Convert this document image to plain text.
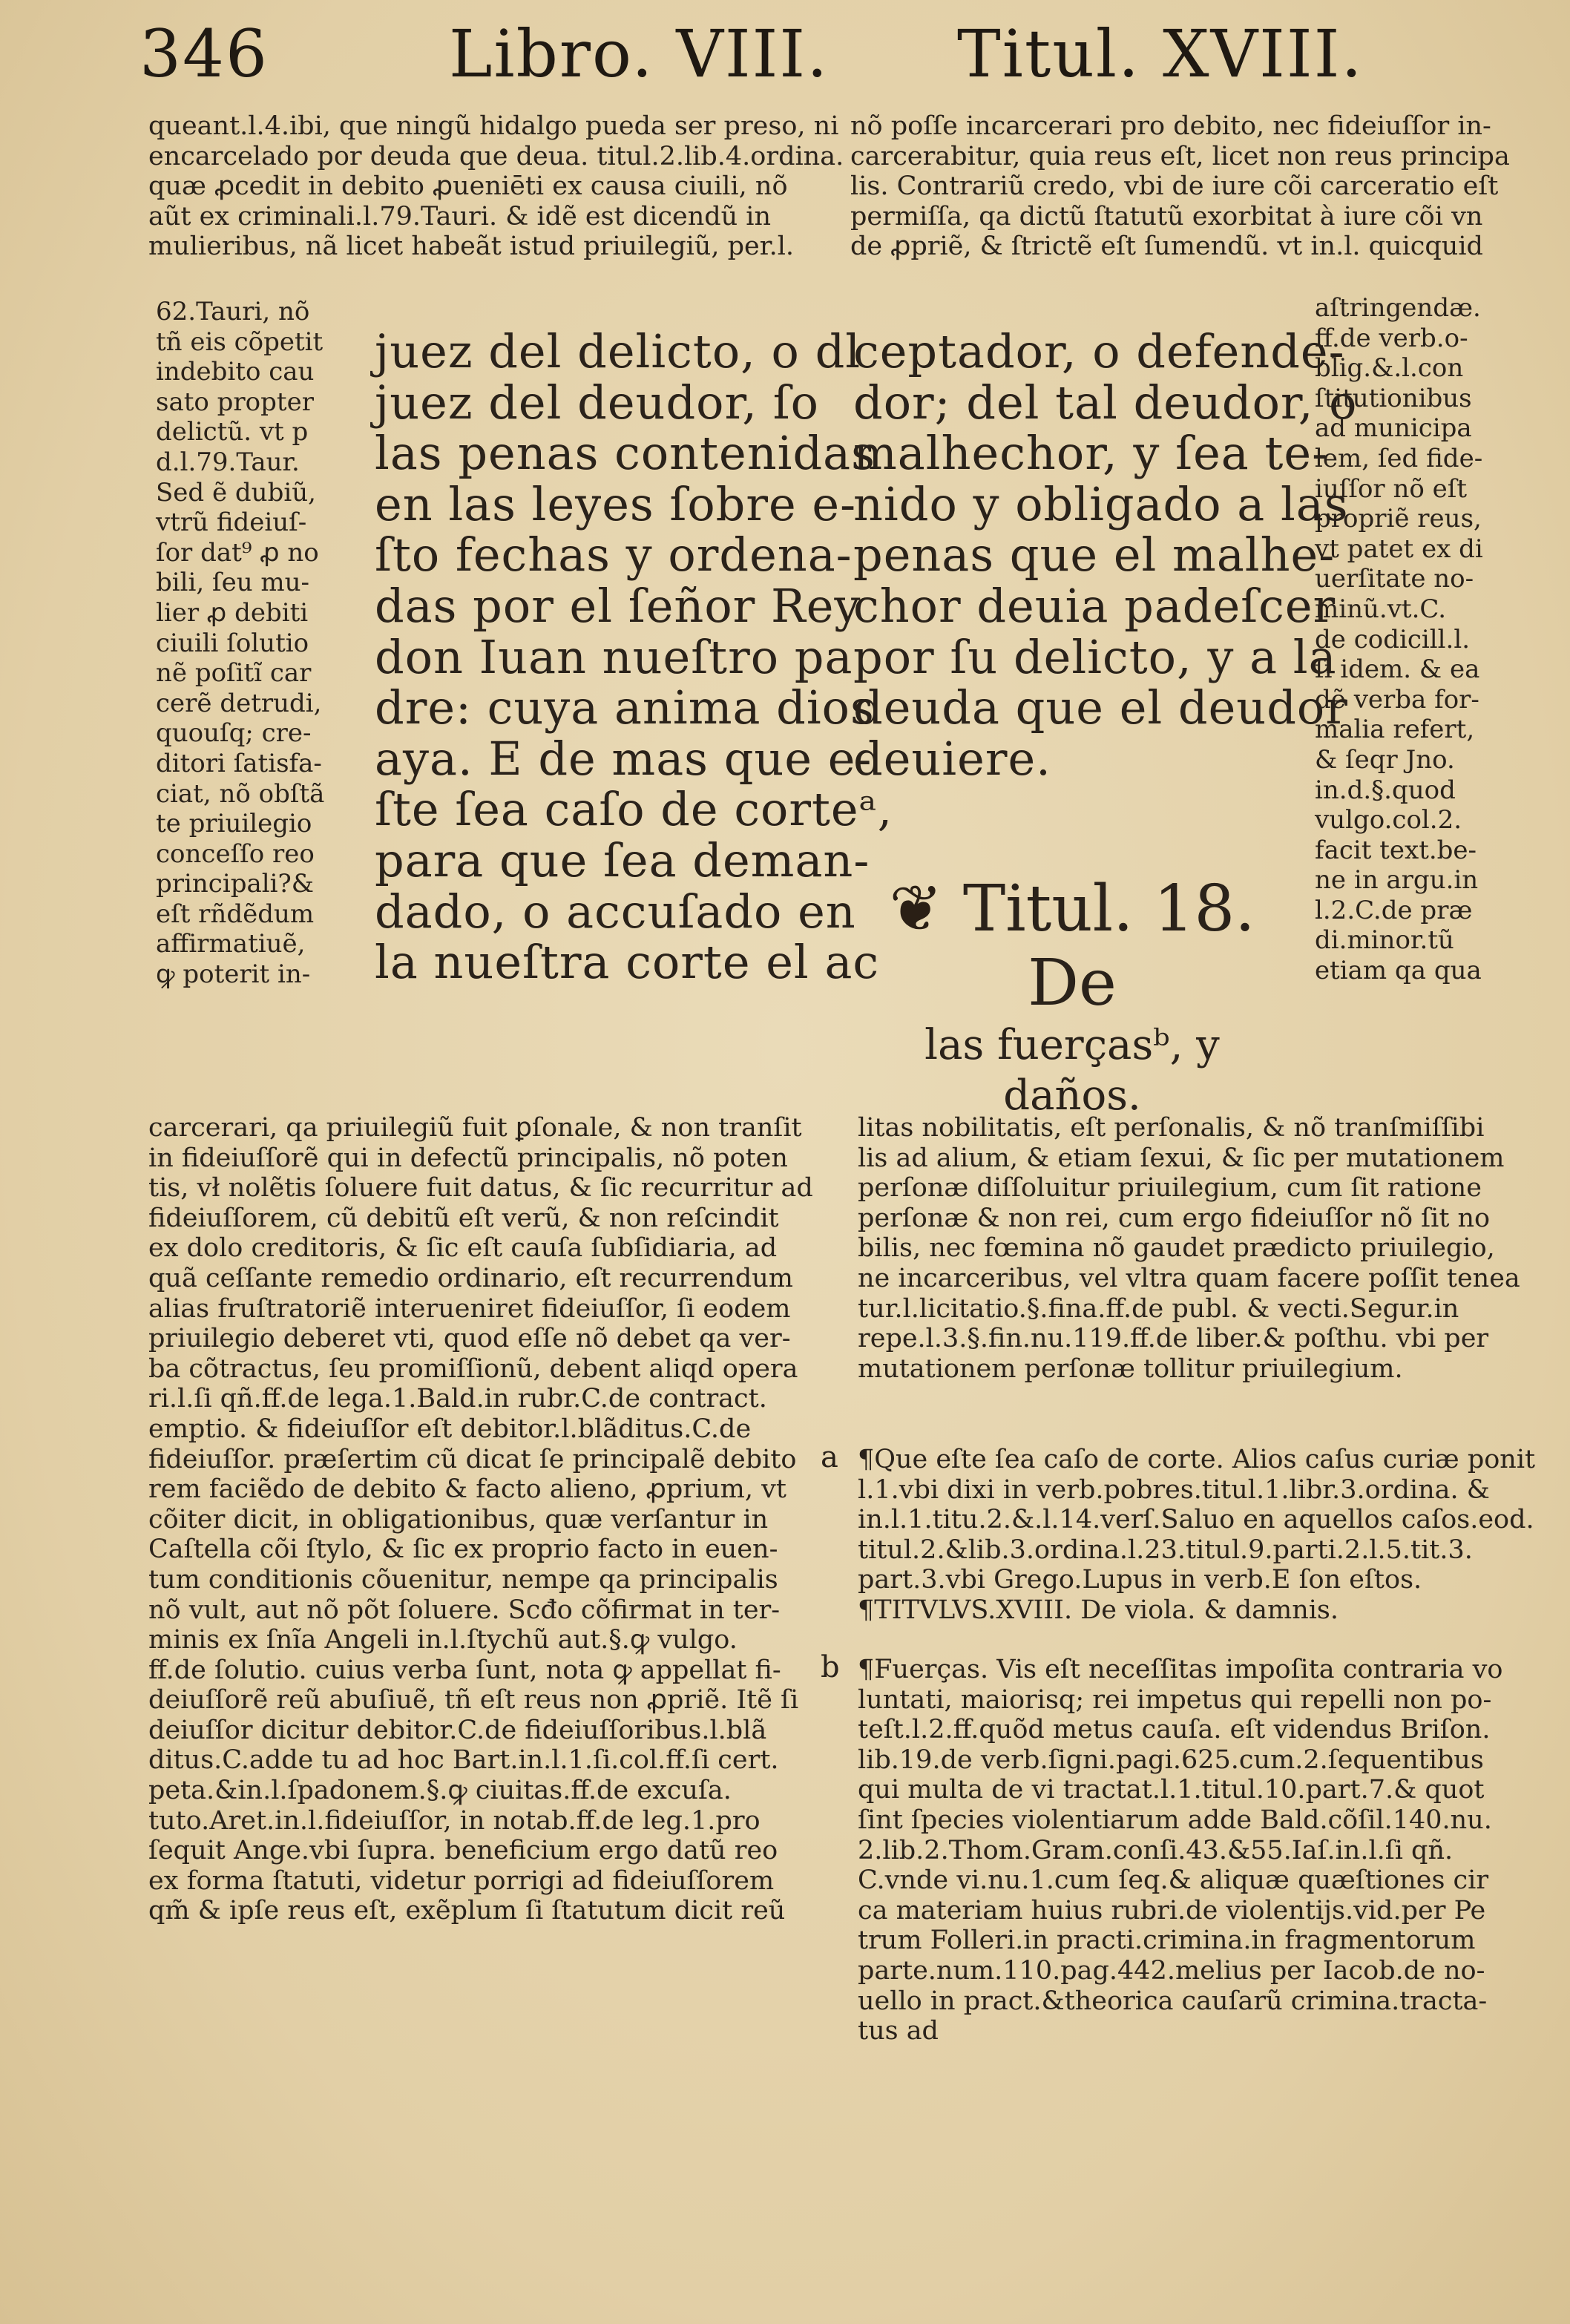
346	Libro. VIII. Titul. XVIII.
queant.l.4.ibi, que ningũ hidalgo pueda ser preso, ni
encarcelado por deuda que deua. titul.2.lib.4.ordina.
quæ ꝓcedit in debito ꝓueniēti ex causa ciuili, nõ
aũt ex criminali.l.79.Tauri. & idẽ est dicendũ in
mulieribus, nã licet habeãt istud priuilegiũ, per.l.
62.Tauri, nõ
tñ eis cõpetit
indebito cau
sato propter
delictũ. vt p
d.l.79.Taur.
Sed ẽ dubiũ,
vtrũ fideiuſ-
ſor dat⁹ ꝓ no
bili, ſeu mu-
lier ꝓ debiti
ciuili ſolutio
nẽ poſitĩ car
cerẽ detrudi,
quouſq; cre-
ditori ſatisfa-
ciat, nõ obſtã
te priuilegio
conceſſo reo
principali?&
eſt rñdẽdum
affirmatiuẽ,
ꝙ poterit in-
juez del delicto, o dl
juez del deudor, ſo
las penas contenidas
en las leyes ſobre e-
ſto fechas y ordena-
das por el ſeñor Rey
don Iuan nueſtro pa
dre: cuya anima dios
aya. E de mas que e-
ſte ſea caſo de corteᵃ,
para que ſea deman-
dado, o accuſado en
la nueſtra corte el ac
carcerari, qa priuilegiũ fuit ꝑſonale, & non tranſit
in fideiuſſorẽ qui in defectũ principalis, nõ poten
tis, vł nolẽtis ſoluere fuit datus, & ſic recurritur ad
fideiuſſorem, cũ debitũ eſt verũ, & non reſcindit
ex dolo creditoris, & ſic eſt cauſa ſubſidiaria, ad
quã ceſſante remedio ordinario, eſt recurrendum
alias fruſtratoriẽ interueniret fideiuſſor, ſi eodem
priuilegio deberet vti, quod eſſe nõ debet qa ver-
ba cõtractus, ſeu promiſſionũ, debent aliqd opera
ri.l.ſi qñ.ff.de lega.1.Bald.in rubr.C.de contract.
emptio. & fideiuſſor eſt debitor.l.blãditus.C.de
fideiuſſor. præſertim cũ dicat ſe principalẽ debito
rem faciẽdo de debito & facto alieno, ꝓprium, vt
cõiter dicit, in obligationibus, quæ verſantur in
Caſtella cõi ſtylo, & ſic ex proprio facto in euen-
tum conditionis cõuenitur, nempe qa principalis
nõ vult, aut nõ põt ſoluere. Scđo cõfirmat in ter-
minis ex ſnĩa Angeli in.l.ſtychũ aut.§.ꝙ vulgo.
ff.de ſolutio. cuius verba ſunt, nota ꝙ appellat fi-
deiuſſorẽ reũ abuſiuẽ, tñ eſt reus non ꝓpriẽ. Itẽ ſi
deiuſſor dicitur debitor.C.de fideiuſſoribus.l.blã
ditus.C.adde tu ad hoc Bart.in.l.1.ſi.col.ff.ſi cert.
peta.&in.l.ſpadonem.§.ꝙ ciuitas.ff.de excuſa.
tuto.Aret.in.l.fideiuſſor, in notab.ff.de leg.1.pro
ſequit Ange.vbi ſupra. beneficium ergo datũ reo
ex forma ſtatuti, videtur porrigi ad fideiuſſorem
qm̃ & ipſe reus eſt, exẽplum ſi ſtatutum dicit reũ
nõ poſſe incarcerari pro debito, nec fideiuſſor in-
carcerabitur, quia reus eſt, licet non reus principa
lis. Contrariũ credo, vbi de iure cõi carceratio eſt
permiſſa, qa dictũ ſtatutũ exorbitat à iure cõi vn
de ꝓpriẽ, & ſtrictẽ eſt ſumendũ. vt in.l. quicquid
aſtringendæ.
ff.de verb.o-
blig.&.l.con
ſtitutionibus
ad municipa
lem, ſed fide-
iuſſor nõ eſt
propriẽ reus,
vt patet ex di
uerſitate no-
minũ.vt.C.
de codicill.l.
ſi idem. & ea
dẽ verba for-
malia refert,
& ſeqr Jno.
in.d.§.quod
vulgo.col.2.
facit text.be-
ne in argu.in
l.2.C.de præ
di.minor.tũ
etiam qa qua
ceptador, o defende-
dor; del tal deudor, o
malhechor, y ſea te-
nido y obligado a las
penas que el malhe-
chor deuia padeſcer
por ſu delicto, y a la
deuda que el deudor
deuiere.
❦ Titul. 18. De
las fuerçasᵇ, y
daños.
litas nobilitatis, eſt perſonalis, & nõ tranſmiſſibi
lis ad alium, & etiam ſexui, & ſic per mutationem
perſonæ diſſoluitur priuilegium, cum ſit ratione
perſonæ & non rei, cum ergo fideiuſſor nõ ſit no
bilis, nec fœmina nõ gaudet prædicto priuilegio,
ne incarceribus, vel vltra quam facere poſſit tenea
tur.l.licitatio.§.fina.ff.de publ. & vecti.Segur.in
repe.l.3.§.fin.nu.119.ff.de liber.& poſthu. vbi per
mutationem perſonæ tollitur priuilegium.
a ¶Que eſte ſea caſo de corte. Alios caſus curiæ ponit
l.1.vbi dixi in verb.pobres.titul.1.libr.3.ordina. &
in.l.1.titu.2.&.l.14.verſ.Saluo en aquellos caſos.eod.
titul.2.&lib.3.ordina.l.23.titul.9.parti.2.l.5.tit.3.
part.3.vbi Grego.Lupus in verb.E ſon eſtos.
¶TITVLVS.XVIII. De viola. & damnis.
b ¶Fuerças. Vis eſt neceſſitas impoſita contraria vo
luntati, maiorisq; rei impetus qui repelli non po-
teſt.l.2.ff.quõd metus cauſa. eſt videndus Briſon.
lib.19.de verb.ſigni.pagi.625.cum.2.ſequentibus
qui multa de vi tractat.l.1.titul.10.part.7.& quot
ſint ſpecies violentiarum adde Bald.cõſil.140.nu.
2.lib.2.Thom.Gram.conſi.43.&55.Iaſ.in.l.ſi qñ.
C.vnde vi.nu.1.cum ſeq.& aliquæ quæſtiones cir
ca materiam huius rubri.de violentijs.vid.per Pe
trum Folleri.in practi.crimina.in fragmentorum
parte.num.110.pag.442.melius per Iacob.de no-
uello in pract.&theorica cauſarũ crimina.tracta-
tus ad
